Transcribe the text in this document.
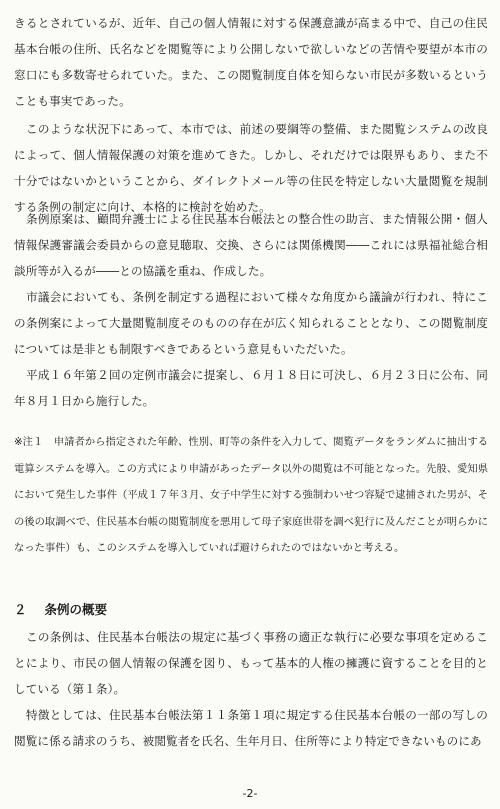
きるとされているが、近年、自己の個人情報に対する保護意識が高まる中で、自己の住民基本台帳の住所、氏名などを閲覧等により公開しないで欲しいなどの苦情や要望が本市の窓口にも多数寄せられていた。また、この閲覧制度自体を知らない市民が多数いるということも事実であった。

このような状況下にあって、本市では、前述の要綱等の整備、また閲覧システムの改良によって、個人情報保護の対策を進めてきた。しかし、それだけでは限界もあり、また不十分ではないかということから、ダイレクトメール等の住民を特定しない大量閲覧を規制する条例の制定に向け、本格的に検討を始めた。

条例原案は、顧問弁護士による住民基本台帳法との整合性の助言、また情報公開・個人情報保護審議会委員からの意見聴取、交換、さらには関係機関――これには県福祉総合相談所等が入るが――との協議を重ね、作成した。

市議会においても、条例を制定する過程において様々な角度から議論が行われ、特にこの条例案によって大量閲覧制度そのものの存在が広く知られることとなり、この閲覧制度については是非とも制限すべきであるという意見もいただいた。

平成１６年第２回の定例市議会に提案し、６月１８日に可決し、６月２３日に公布、同年８月１日から施行した。

※注１　申請者から指定された年齢、性別、町等の条件を入力して、閲覧データをランダムに抽出する電算システムを導入。この方式により申請があったデータ以外の閲覧は不可能となった。先般、愛知県において発生した事件（平成１７年３月、女子中学生に対する強制わいせつ容疑で逮捕された男が、その後の取調べで、住民基本台帳の閲覧制度を悪用して母子家庭世帯を調べ犯行に及んだことが明らかになった事件）も、このシステムを導入していれば避けられたのではないかと考える。

２ 条例の概要

この条例は、住民基本台帳法の規定に基づく事務の適正な執行に必要な事項を定めることにより、市民の個人情報の保護を図り、もって基本的人権の擁護に資することを目的としている（第１条）。

特徴としては、住民基本台帳法第１１条第１項に規定する住民基本台帳の一部の写しの閲覧に係る請求のうち、被閲覧者を氏名、生年月日、住所等により特定できないものにあ

-2-
